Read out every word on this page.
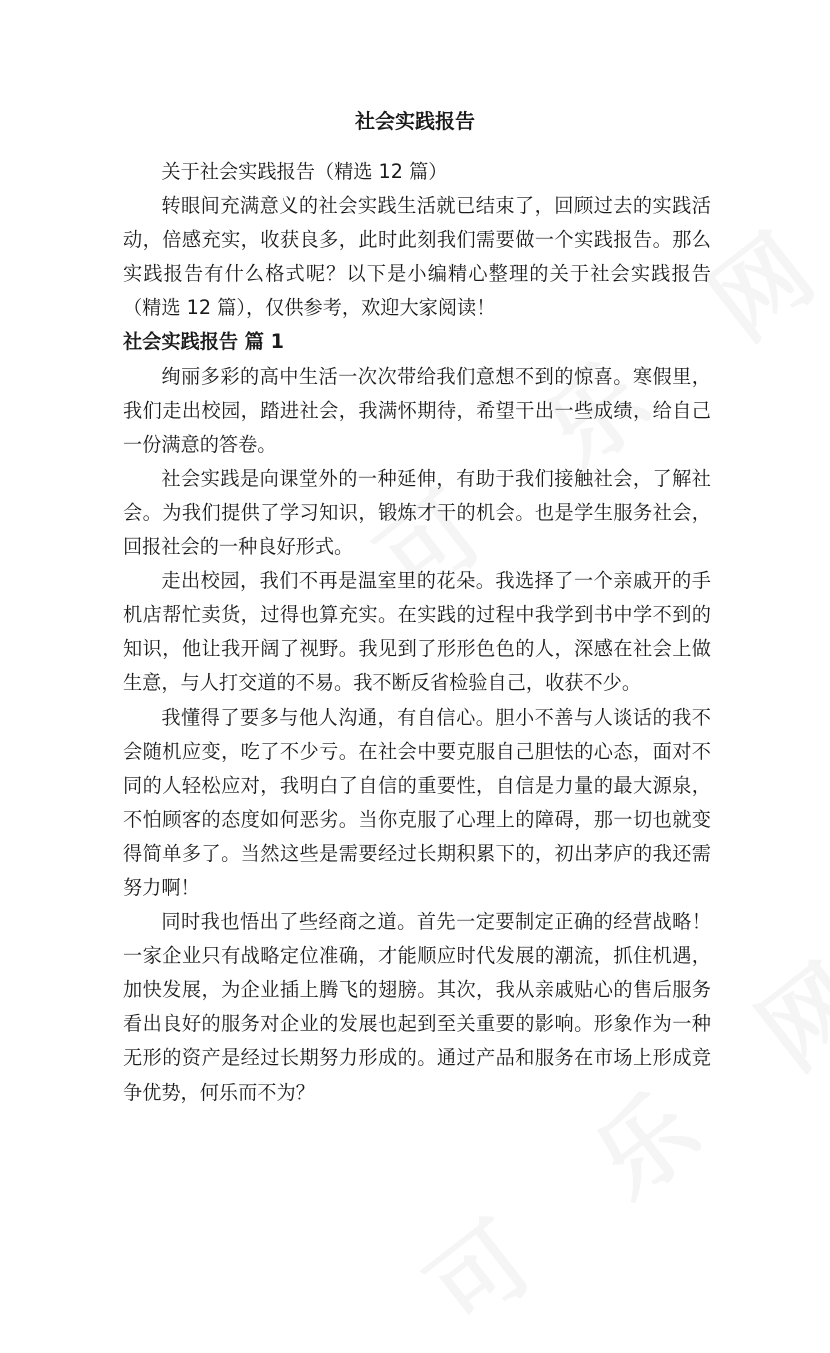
社会实践报告

关于社会实践报告（精选 12 篇）

转眼间充满意义的社会实践生活就已结束了，回顾过去的实践活动，倍感充实，收获良多，此时此刻我们需要做一个实践报告。那么实践报告有什么格式呢？以下是小编精心整理的关于社会实践报告（精选 12 篇），仅供参考，欢迎大家阅读！

社会实践报告 篇 1

绚丽多彩的高中生活一次次带给我们意想不到的惊喜。寒假里，我们走出校园，踏进社会，我满怀期待，希望干出一些成绩，给自己一份满意的答卷。

社会实践是向课堂外的一种延伸，有助于我们接触社会，了解社会。为我们提供了学习知识，锻炼才干的机会。也是学生服务社会，回报社会的一种良好形式。

走出校园，我们不再是温室里的花朵。我选择了一个亲戚开的手机店帮忙卖货，过得也算充实。在实践的过程中我学到书中学不到的知识，他让我开阔了视野。我见到了形形色色的人，深感在社会上做生意，与人打交道的不易。我不断反省检验自己，收获不少。

我懂得了要多与他人沟通，有自信心。胆小不善与人谈话的我不会随机应变，吃了不少亏。在社会中要克服自己胆怯的心态，面对不同的人轻松应对，我明白了自信的重要性，自信是力量的最大源泉，不怕顾客的态度如何恶劣。当你克服了心理上的障碍，那一切也就变得简单多了。当然这些是需要经过长期积累下的，初出茅庐的我还需努力啊！

同时我也悟出了些经商之道。首先一定要制定正确的经营战略！一家企业只有战略定位准确，才能顺应时代发展的潮流，抓住机遇，加快发展，为企业插上腾飞的翅膀。其次，我从亲戚贴心的售后服务看出良好的服务对企业的发展也起到至关重要的影响。形象作为一种无形的资产是经过长期努力形成的。通过产品和服务在市场上形成竞争优势，何乐而不为？
